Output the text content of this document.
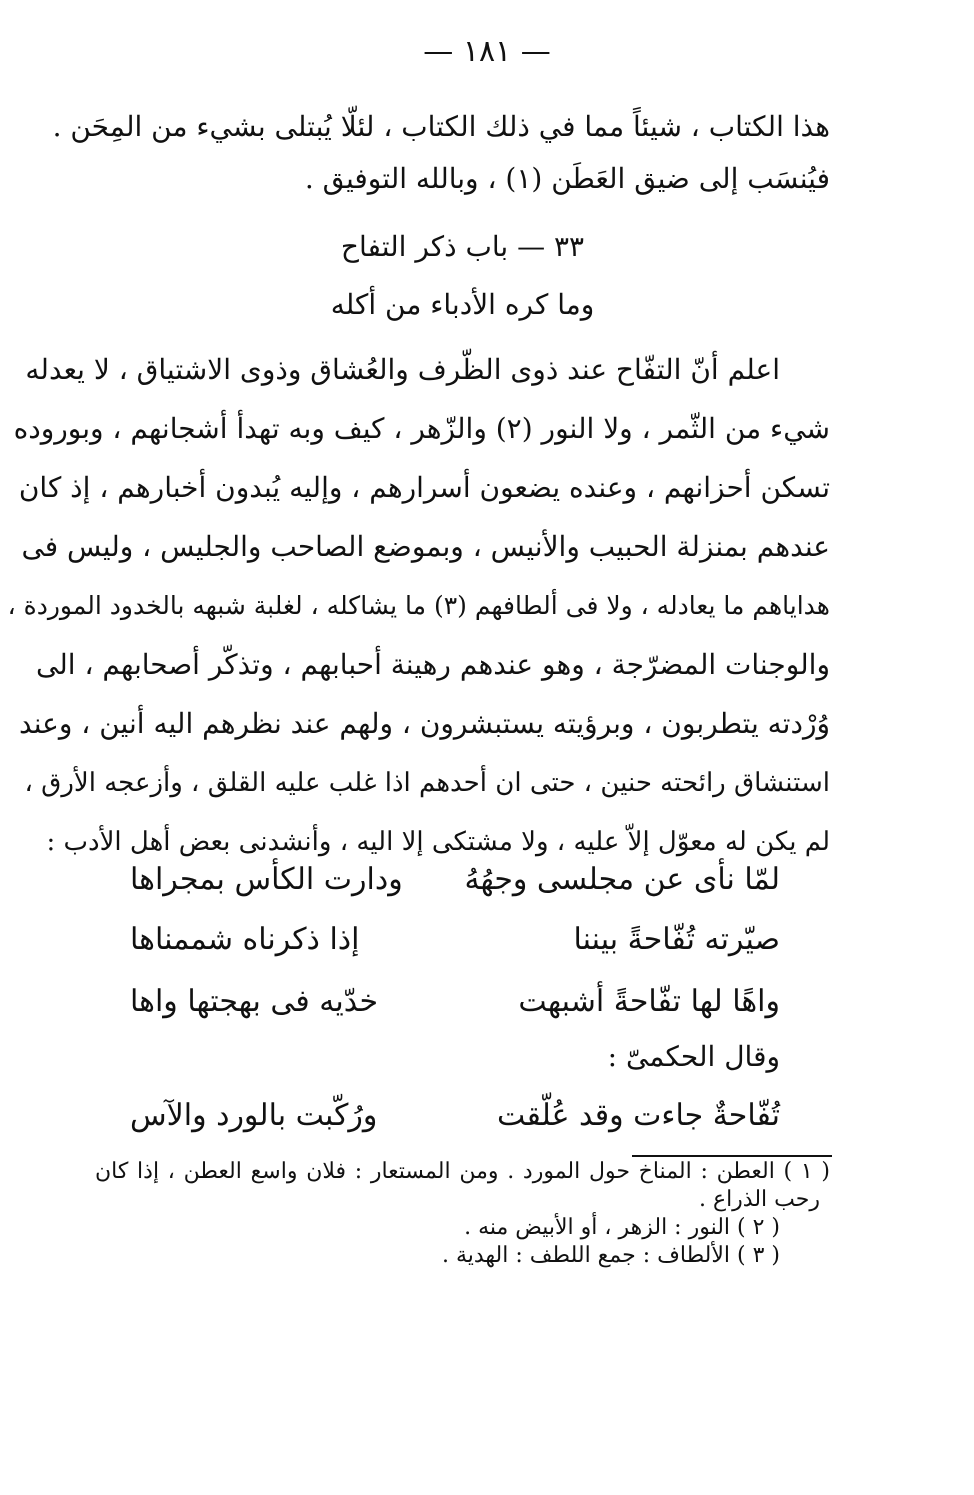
— ١٨١ —
هذا الكتاب ، شيئاً مما في ذلك الكتاب ، لئلّا يُبتلى بشيء من المِحَن .
فيُنسَب إلى ضيق العَطَن (١) ، وبالله التوفيق .
٣٣ — باب ذكر التفاح
وما كره الأدباء من أكله
اعلم أنّ التفّاح عند ذوى الظّرف والعُشاق وذوى الاشتياق ، لا يعدله
شيء من الثّمر ، ولا النور (٢) والزّهر ، كيف وبه تهدأ أشجانهم ، وبوروده
تسكن أحزانهم ، وعنده يضعون أسرارهم ، وإليه يُبدون أخبارهم ، إذ كان
عندهم بمنزلة الحبيب والأنيس ، وبموضع الصاحب والجليس ، وليس فى
هداياهم ما يعادله ، ولا فى ألطافهم (٣) ما يشاكله ، لغلبة شبهه بالخدود الموردة ،
والوجنات المضرّجة ، وهو عندهم رهينة أحبابهم ، وتذكّر أصحابهم ، الى
وُرْدته يتطربون ، وبرؤيته يستبشرون ، ولهم عند نظرهم اليه أنين ، وعند
استنشاق رائحته حنين ، حتى ان أحدهم اذا غلب عليه القلق ، وأزعجه الأرق ،
لم يكن له معوّل إلاّ عليه ، ولا مشتكى إلا اليه ، وأنشدنى بعض أهل الأدب :
لمّا نأى عن مجلسى وجهُهُ
ودارت الكأس بمجراها
صيّرته تُفّاحةً بيننا
إذا ذكرناه شممناها
واهًا لها تفّاحةً أشبهت
خدّيه فى بهجتها واها
وقال الحكمىّ :
تُفّاحةٌ جاءت وقد عُلّقت
ورُكّبت بالورد والآس
( ١ ) العطن : المناخ حول المورد . ومن المستعار : فلان واسع العطن ، إذا كان
رحب الذراع .
( ٢ ) النور : الزهر ، أو الأبيض منه .
( ٣ ) الألطاف : جمع اللطف : الهدية .
